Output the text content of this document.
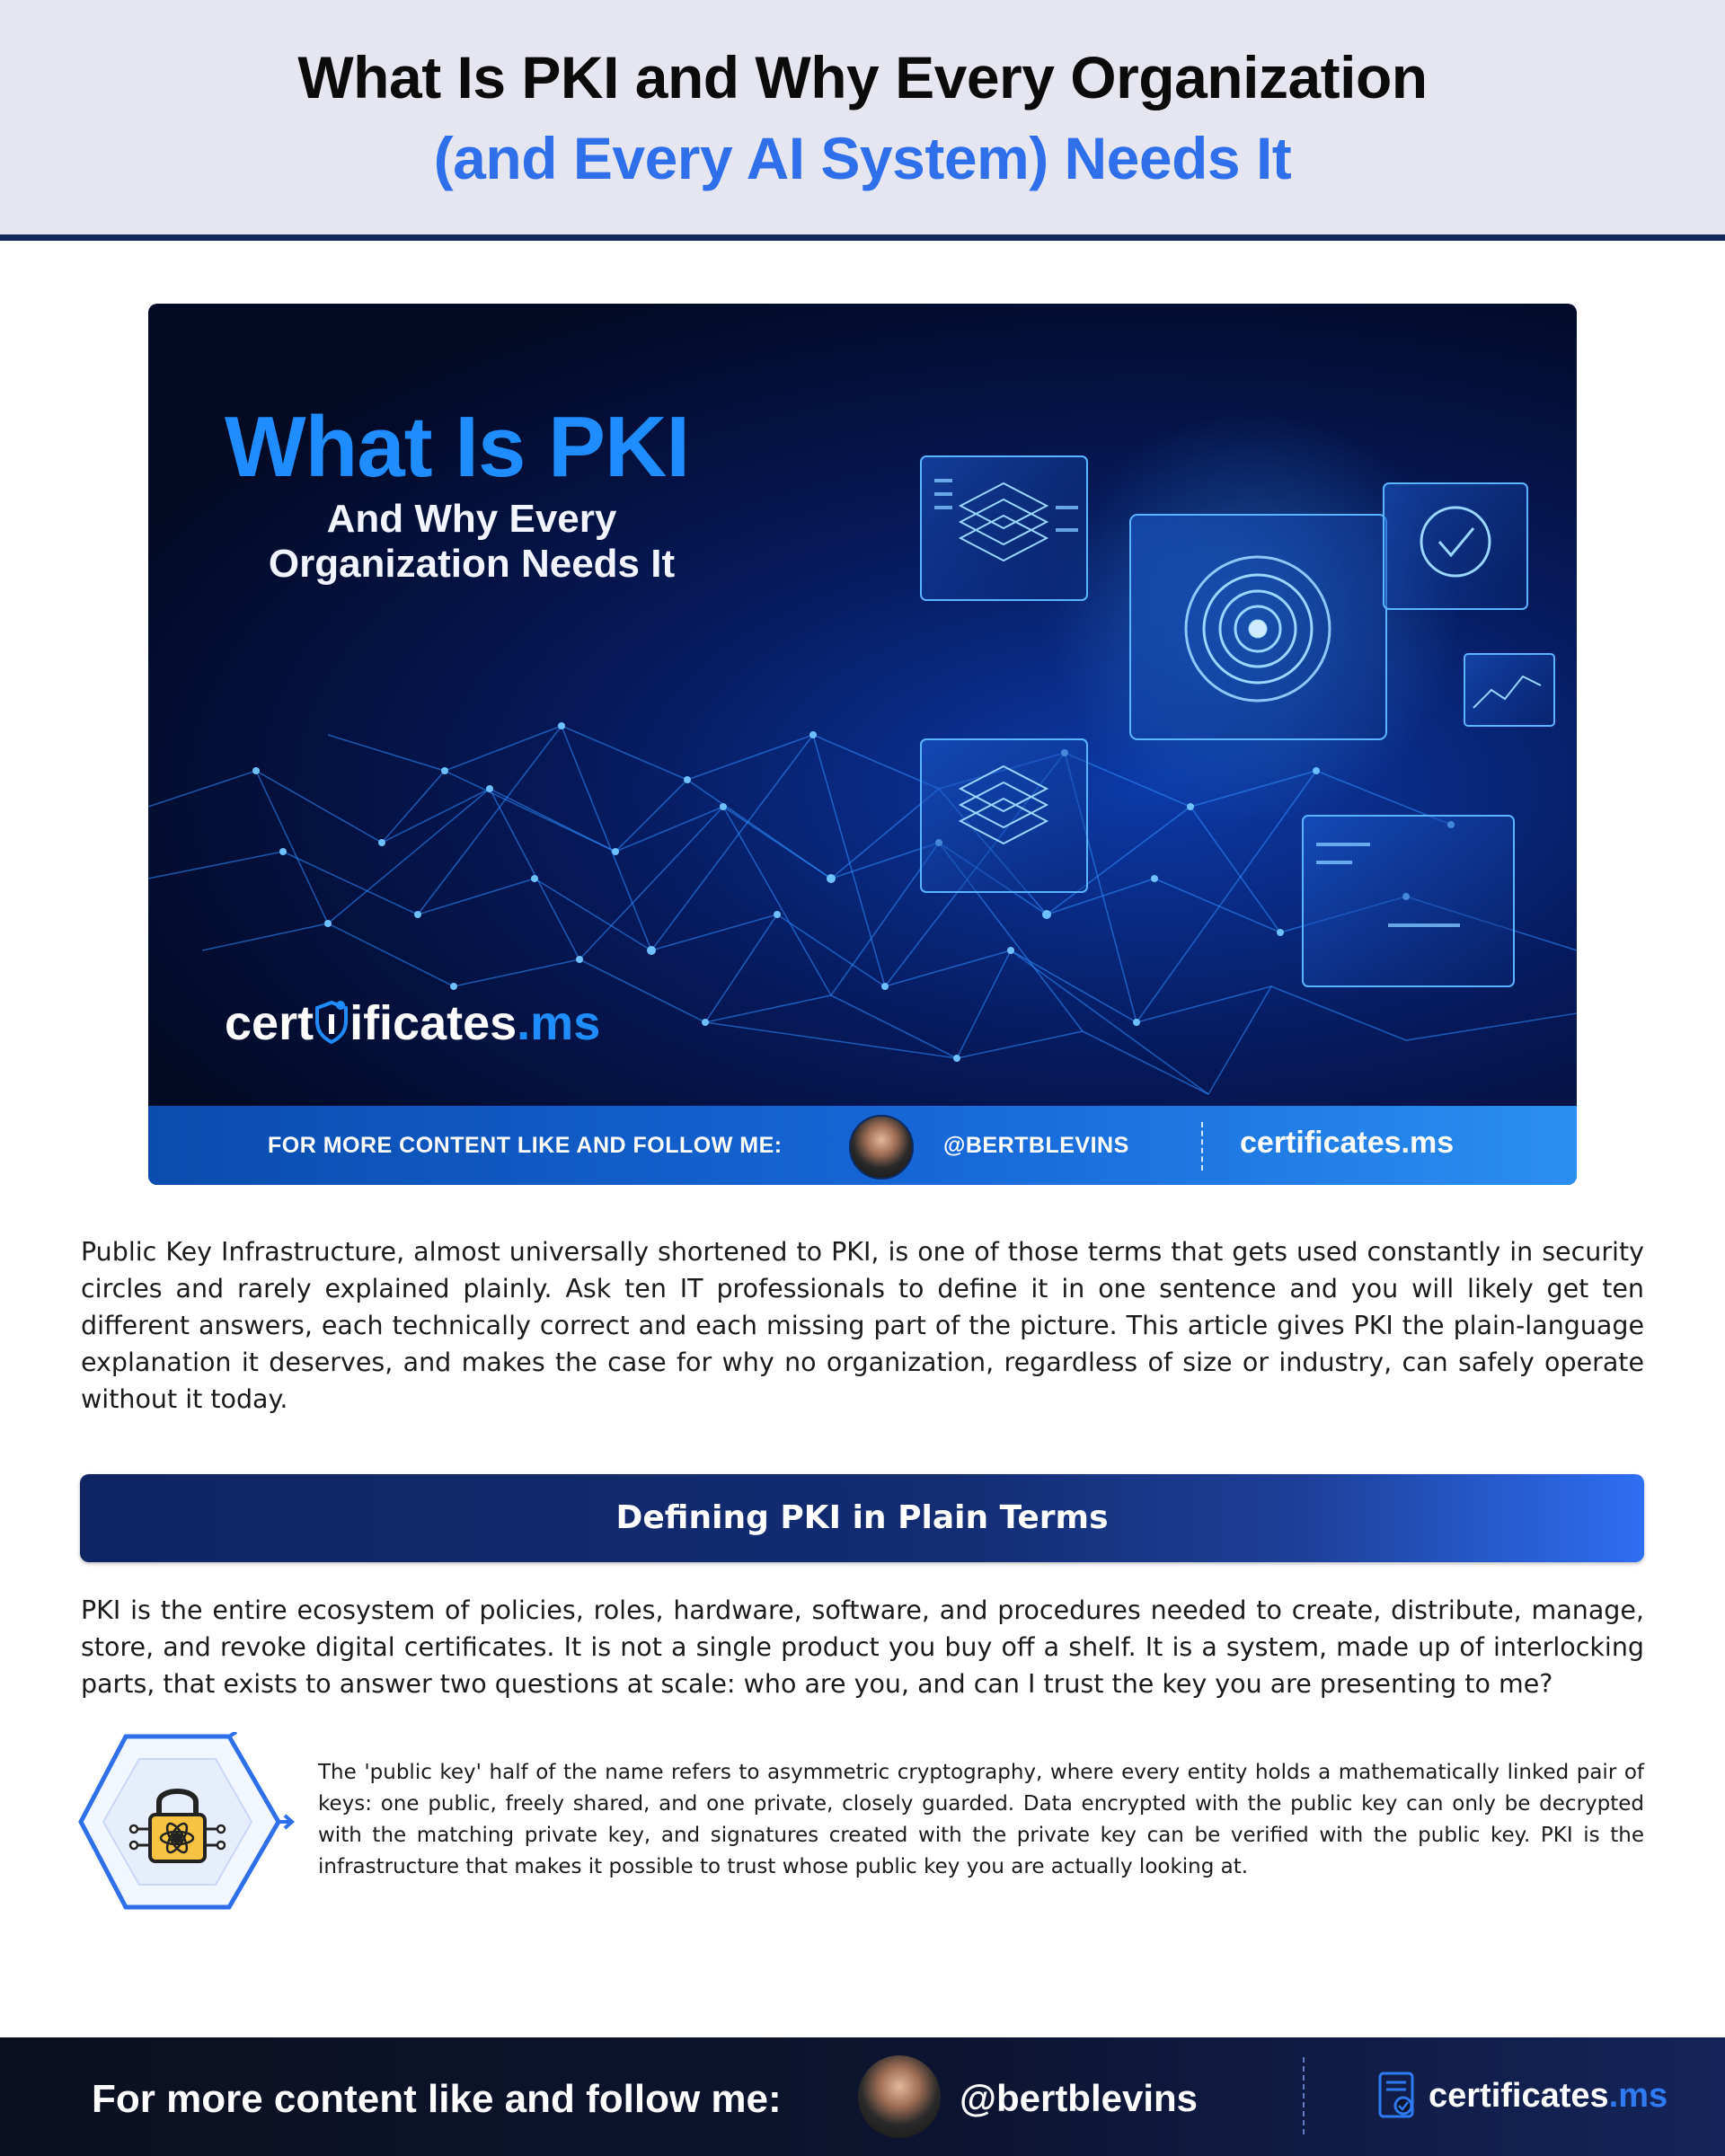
What Is PKI and Why Every Organization
(and Every AI System) Needs It
What Is PKI
And Why Every
Organization Needs It
cert ificates.ms
FOR MORE CONTENT LIKE AND FOLLOW ME:	@BERTBLEVINS	certificates.ms
Public Key Infrastructure, almost universally shortened to PKI, is one of those terms that gets used constantly in security circles and rarely explained plainly. Ask ten IT professionals to define it in one sentence and you will likely get ten different answers, each technically correct and each missing part of the picture. This article gives PKI the plain-language explanation it deserves, and makes the case for why no organization, regardless of size or industry, can safely operate without it today.
Defining PKI in Plain Terms
PKI is the entire ecosystem of policies, roles, hardware, software, and procedures needed to create, distribute, manage, store, and revoke digital certificates. It is not a single product you buy off a shelf. It is a system, made up of interlocking parts, that exists to answer two questions at scale: who are you, and can I trust the key you are presenting to me?
The 'public key' half of the name refers to asymmetric cryptography, where every entity holds a mathematically linked pair of keys: one public, freely shared, and one private, closely guarded. Data encrypted with the public key can only be decrypted with the matching private key, and signatures created with the private key can be verified with the public key. PKI is the infrastructure that makes it possible to trust whose public key you are actually looking at.
For more content like and follow me:	@bertblevins	certificates.ms
